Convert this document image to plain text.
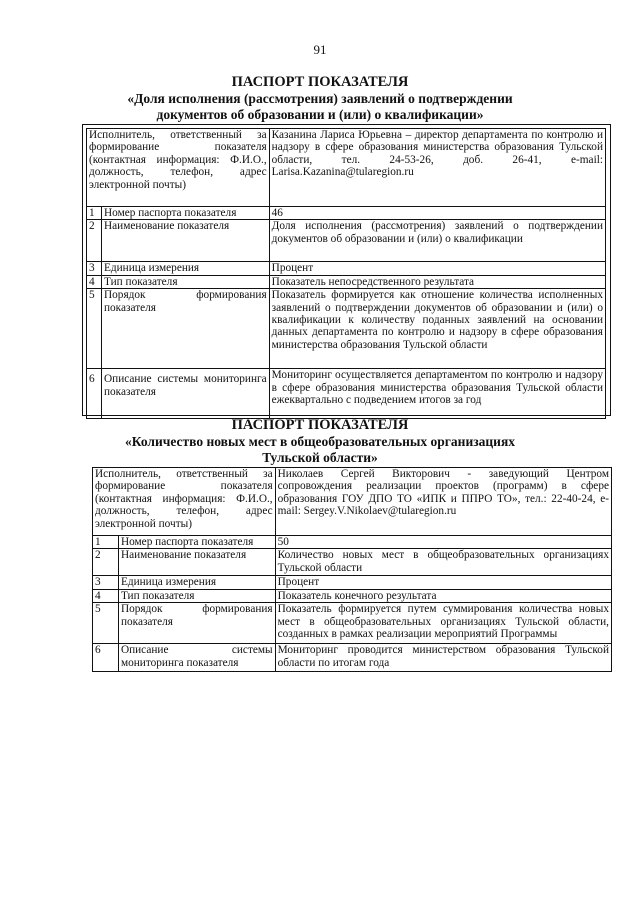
91
ПАСПОРТ ПОКАЗАТЕЛЯ
«Доля исполнения (рассмотрения) заявлений о подтверждении
документов об образовании и (или) о квалификации»
Исполнитель, ответственный за формирование показателя (контактная информация: Ф.И.О., должность, телефон, адрес электронной почты)		Казанина Лариса Юрьевна – директор департамента по контролю и надзору в сфере образования министерства образования Тульской области, тел. 24-53-26, доб. 26-41, e-mail: Larisa.Kazanina@tularegion.ru
1	Номер паспорта показателя	46
2	Наименование показателя	Доля исполнения (рассмотрения) заявлений о подтверждении документов об образовании и (или) о квалификации
3	Единица измерения	Процент
4	Тип показателя	Показатель непосредственного результата
5	Порядок формирования показателя	Показатель формируется как отношение количества исполненных заявлений о подтверждении документов об образовании и (или) о квалификации к количеству поданных заявлений на основании данных департамента по контролю и надзору в сфере образования министерства образования Тульской области
6	Описание системы мониторинга показателя	Мониторинг осуществляется департаментом по контролю и надзору в сфере образования министерства образования Тульской области ежеквартально с подведением итогов за год
ПАСПОРТ ПОКАЗАТЕЛЯ
«Количество новых мест в общеобразовательных организациях
Тульской области»
Исполнитель, ответственный за формирование показателя (контактная информация: Ф.И.О., должность, телефон, адрес электронной почты)		Николаев Сергей Викторович - заведующий Центром сопровождения реализации проектов (программ) в сфере образования ГОУ ДПО ТО «ИПК и ППРО ТО», тел.: 22-40-24, e-mail: Sergey.V.Nikolaev@tularegion.ru
1	Номер паспорта показателя	50
2	Наименование показателя	Количество новых мест в общеобразовательных организациях Тульской области
3	Единица измерения	Процент
4	Тип показателя	Показатель конечного результата
5	Порядок формирования показателя	Показатель формируется путем суммирования количества новых мест в общеобразовательных организациях Тульской области, созданных в рамках реализации мероприятий Программы
6	Описание системы мониторинга показателя	Мониторинг проводится министерством образования Тульской области по итогам года
